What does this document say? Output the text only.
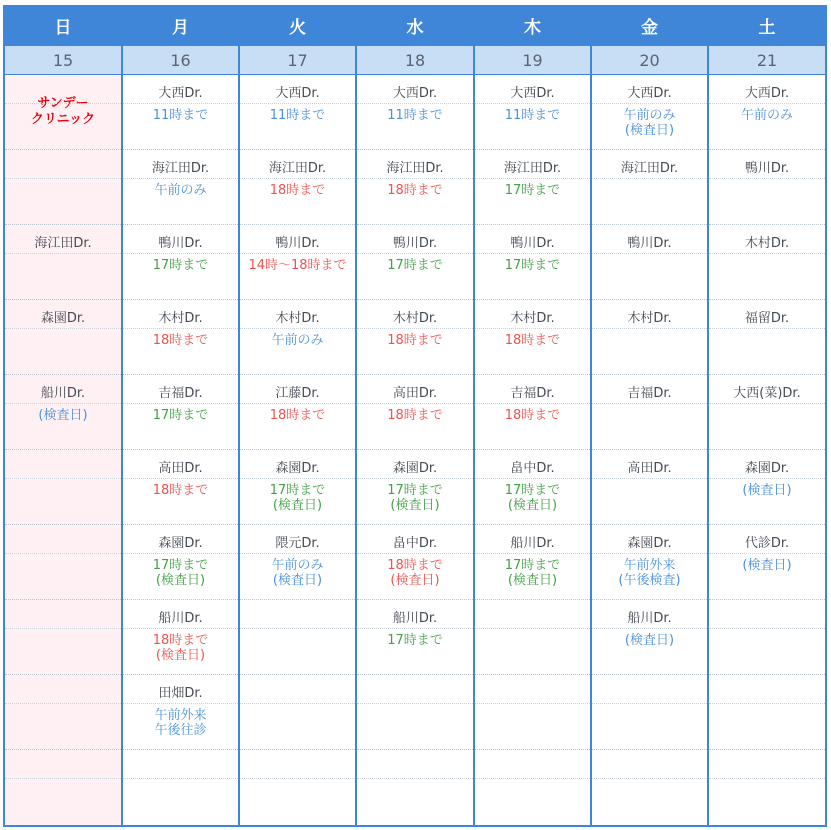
日
15
サンデー
クリニック
海江田Dr.
森園Dr.
船川Dr.
(検査日)
月
16
大西Dr.
11時まで
海江田Dr.
午前のみ
鴨川Dr.
17時まで
木村Dr.
18時まで
吉福Dr.
17時まで
高田Dr.
18時まで
森園Dr.
17時まで
(検査日)
船川Dr.
18時まで
(検査日)
田畑Dr.
午前外来
午後往診
火
17
大西Dr.
11時まで
海江田Dr.
18時まで
鴨川Dr.
14時〜18時まで
木村Dr.
午前のみ
江藤Dr.
18時まで
森園Dr.
17時まで
(検査日)
隈元Dr.
午前のみ
(検査日)
水
18
大西Dr.
11時まで
海江田Dr.
18時まで
鴨川Dr.
17時まで
木村Dr.
18時まで
高田Dr.
18時まで
森園Dr.
17時まで
(検査日)
畠中Dr.
18時まで
(検査日)
船川Dr.
17時まで
木
19
大西Dr.
11時まで
海江田Dr.
17時まで
鴨川Dr.
17時まで
木村Dr.
18時まで
吉福Dr.
18時まで
畠中Dr.
17時まで
(検査日)
船川Dr.
17時まで
(検査日)
金
20
大西Dr.
午前のみ
(検査日)
海江田Dr.
鴨川Dr.
木村Dr.
吉福Dr.
高田Dr.
森園Dr.
午前外来
(午後検査)
船川Dr.
(検査日)
土
21
大西Dr.
午前のみ
鴨川Dr.
木村Dr.
福留Dr.
大西(菜)Dr.
森園Dr.
(検査日)
代診Dr.
(検査日)
